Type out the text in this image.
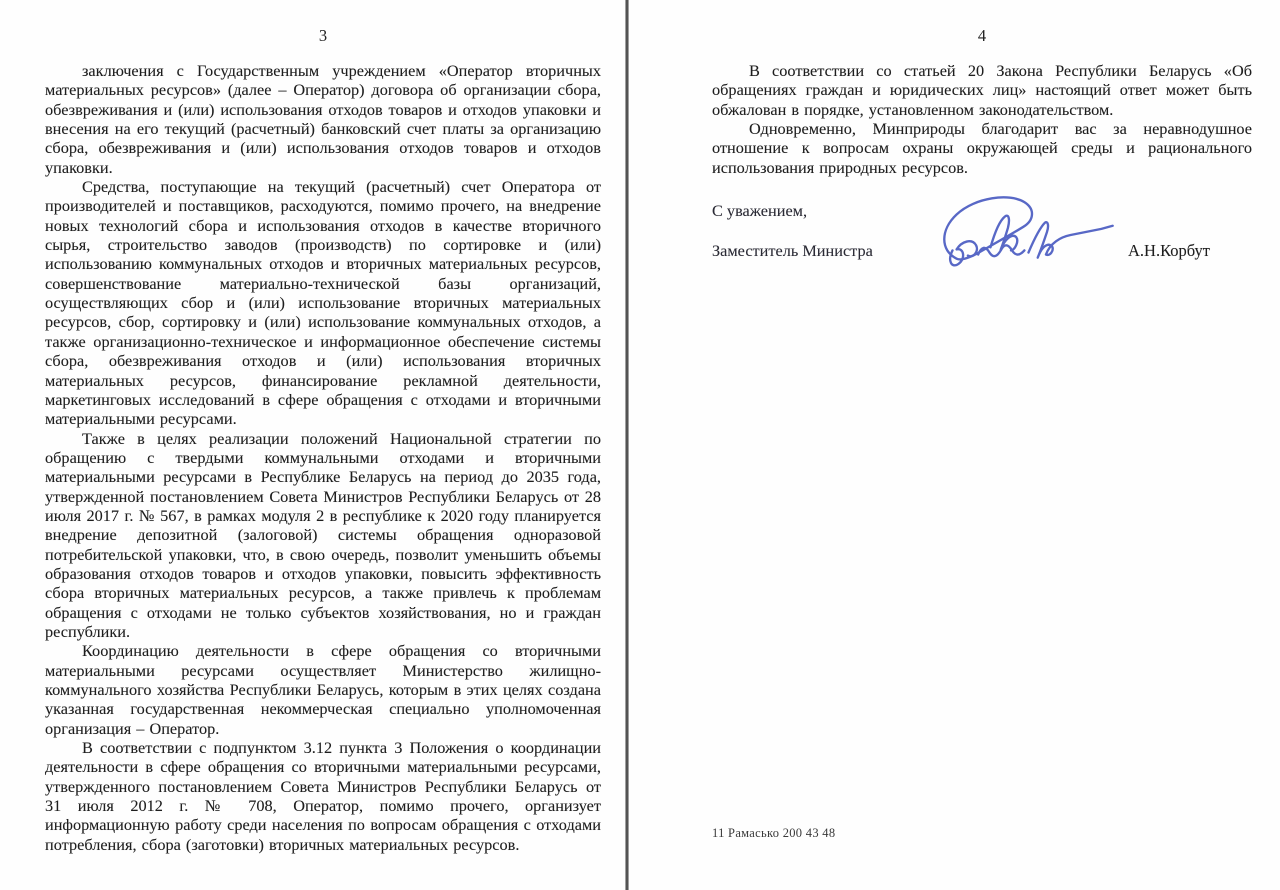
3

заключения с Государственным учреждением «Оператор вторичных материальных ресурсов» (далее – Оператор) договора об организации сбора, обезвреживания и (или) использования отходов товаров и отходов упаковки и внесения на его текущий (расчетный) банковский счет платы за организацию сбора, обезвреживания и (или) использования отходов товаров и отходов упаковки.

Средства, поступающие на текущий (расчетный) счет Оператора от производителей и поставщиков, расходуются, помимо прочего, на внедрение новых технологий сбора и использования отходов в качестве вторичного сырья, строительство заводов (производств) по сортировке и (или) использованию коммунальных отходов и вторичных материальных ресурсов, совершенствование материально-технической базы организаций, осуществляющих сбор и (или) использование вторичных материальных ресурсов, сбор, сортировку и (или) использование коммунальных отходов, а также организационно-техническое и информационное обеспечение системы сбора, обезвреживания отходов и (или) использования вторичных материальных ресурсов, финансирование рекламной деятельности, маркетинговых исследований в сфере обращения с отходами и вторичными материальными ресурсами.

Также в целях реализации положений Национальной стратегии по обращению с твердыми коммунальными отходами и вторичными материальными ресурсами в Республике Беларусь на период до 2035 года, утвержденной постановлением Совета Министров Республики Беларусь от 28 июля 2017 г. № 567, в рамках модуля 2 в республике к 2020 году планируется внедрение депозитной (залоговой) системы обращения одноразовой потребительской упаковки, что, в свою очередь, позволит уменьшить объемы образования отходов товаров и отходов упаковки, повысить эффективность сбора вторичных материальных ресурсов, а также привлечь к проблемам обращения с отходами не только субъектов хозяйствования, но и граждан республики.

Координацию деятельности в сфере обращения со вторичными материальными ресурсами осуществляет Министерство жилищно-коммунального хозяйства Республики Беларусь, которым в этих целях создана указанная государственная некоммерческая специально уполномоченная организация – Оператор.

В соответствии с подпунктом 3.12 пункта 3 Положения о координации деятельности в сфере обращения со вторичными материальными ресурсами, утвержденного постановлением Совета Министров Республики Беларусь от 31 июля 2012 г. № 708, Оператор, помимо прочего, организует информационную работу среди населения по вопросам обращения с отходами потребления, сбора (заготовки) вторичных материальных ресурсов.

4

В соответствии со статьей 20 Закона Республики Беларусь «Об обращениях граждан и юридических лиц» настоящий ответ может быть обжалован в порядке, установленном законодательством.

Одновременно, Минприроды благодарит вас за неравнодушное отношение к вопросам охраны окружающей среды и рационального использования природных ресурсов.

С уважением,
Заместитель Министра	А.Н.Корбут
11 Рамасько 200 43 48
